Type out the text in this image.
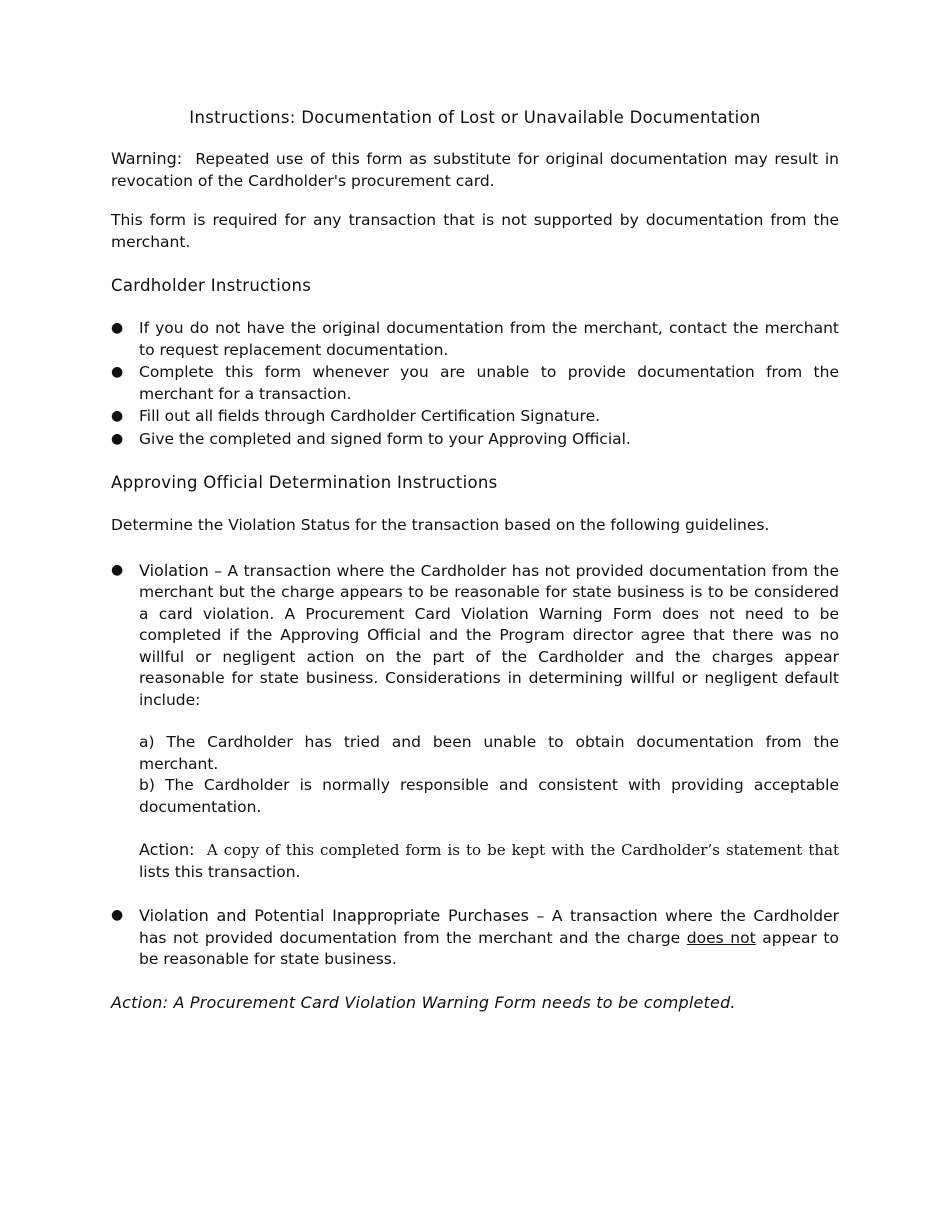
Instructions: Documentation of Lost or Unavailable Documentation

Warning: Repeated use of this form as substitute for original documentation may result in revocation of the Cardholder's procurement card.

This form is required for any transaction that is not supported by documentation from the merchant.

Cardholder Instructions
● If you do not have the original documentation from the merchant, contact the merchant to request replacement documentation.
● Complete this form whenever you are unable to provide documentation from the merchant for a transaction.
● Fill out all fields through Cardholder Certification Signature.
● Give the completed and signed form to your Approving Official.
Approving Official Determination Instructions

Determine the Violation Status for the transaction based on the following guidelines.

● Violation – A transaction where the Cardholder has not provided documentation from the merchant but the charge appears to be reasonable for state business is to be considered a card violation. A Procurement Card Violation Warning Form does not need to be completed if the Approving Official and the Program director agree that there was no willful or negligent action on the part of the Cardholder and the charges appear reasonable for state business. Considerations in determining willful or negligent default include:
a) The Cardholder has tried and been unable to obtain documentation from the merchant.
b) The Cardholder is normally responsible and consistent with providing acceptable documentation.
Action: A copy of this completed form is to be kept with the Cardholder’s statement that lists this transaction.
● Violation and Potential Inappropriate Purchases – A transaction where the Cardholder has not provided documentation from the merchant and the charge does not appear to be reasonable for state business.
Action: A Procurement Card Violation Warning Form needs to be completed.
